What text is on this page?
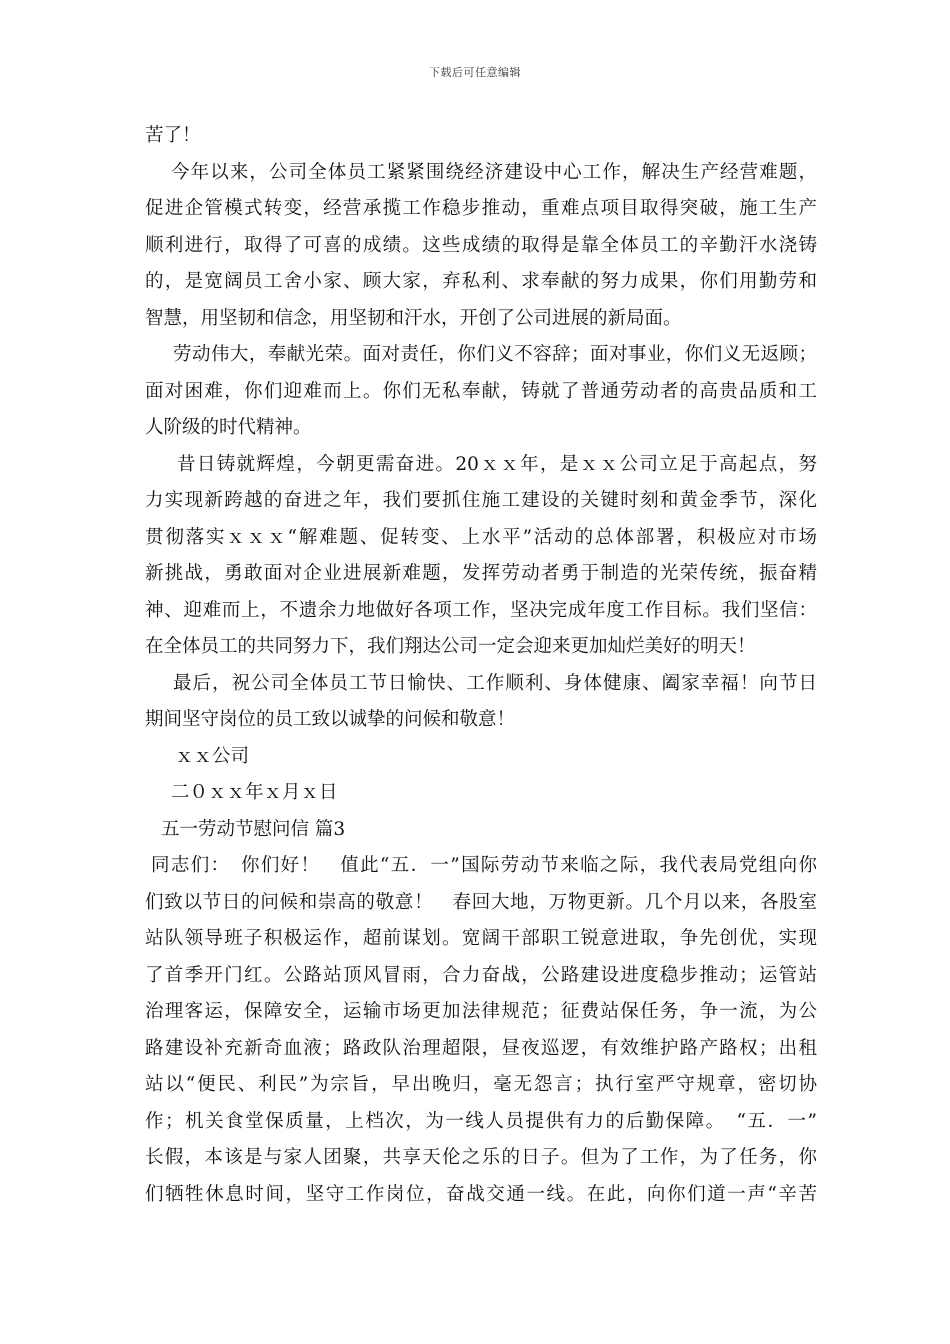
下载后可任意编辑
苦了！
今年以来，公司全体员工紧紧围绕经济建设中心工作，解决生产经营难题，
促进企管模式转变，经营承揽工作稳步推动，重难点项目取得突破，施工生产
顺利进行，取得了可喜的成绩。这些成绩的取得是靠全体员工的辛勤汗水浇铸
的，是宽阔员工舍小家、顾大家，弃私利、求奉献的努力成果，你们用勤劳和
智慧，用坚韧和信念，用坚韧和汗水，开创了公司进展的新局面。
劳动伟大，奉献光荣。面对责任，你们义不容辞；面对事业，你们义无返顾；
面对困难，你们迎难而上。你们无私奉献，铸就了普通劳动者的高贵品质和工
人阶级的时代精神。
昔日铸就辉煌，今朝更需奋进。20ｘｘ年，是ｘｘ公司立足于高起点，努
力实现新跨越的奋进之年，我们要抓住施工建设的关键时刻和黄金季节，深化
贯彻落实ｘｘｘ“解难题、促转变、上水平”活动的总体部署，积极应对市场
新挑战，勇敢面对企业进展新难题，发挥劳动者勇于制造的光荣传统，振奋精
神、迎难而上，不遗余力地做好各项工作，坚决完成年度工作目标。我们坚信：
在全体员工的共同努力下，我们翔达公司一定会迎来更加灿烂美好的明天！
最后，祝公司全体员工节日愉快、工作顺利、身体健康、阖家幸福！向节日
期间坚守岗位的员工致以诚挚的问候和敬意！
ｘｘ公司
二０ｘｘ年ｘ月ｘ日
五一劳动节慰问信 篇3
同志们：　你们好！　值此“五．一”国际劳动节来临之际，我代表局党组向你
们致以节日的问候和崇高的敬意！　春回大地，万物更新。几个月以来，各股室
站队领导班子积极运作，超前谋划。宽阔干部职工锐意进取，争先创优，实现
了首季开门红。公路站顶风冒雨，合力奋战，公路建设进度稳步推动；运管站
治理客运，保障安全，运输市场更加法律规范；征费站保任务，争一流，为公
路建设补充新奇血液；路政队治理超限，昼夜巡逻，有效维护路产路权；出租
站以“便民、利民”为宗旨，早出晚归，毫无怨言；执行室严守规章，密切协
作；机关食堂保质量，上档次，为一线人员提供有力的后勤保障。　“五．一”
长假，本该是与家人团聚，共享天伦之乐的日子。但为了工作，为了任务，你
们牺牲休息时间，坚守工作岗位，奋战交通一线。在此，向你们道一声“辛苦
